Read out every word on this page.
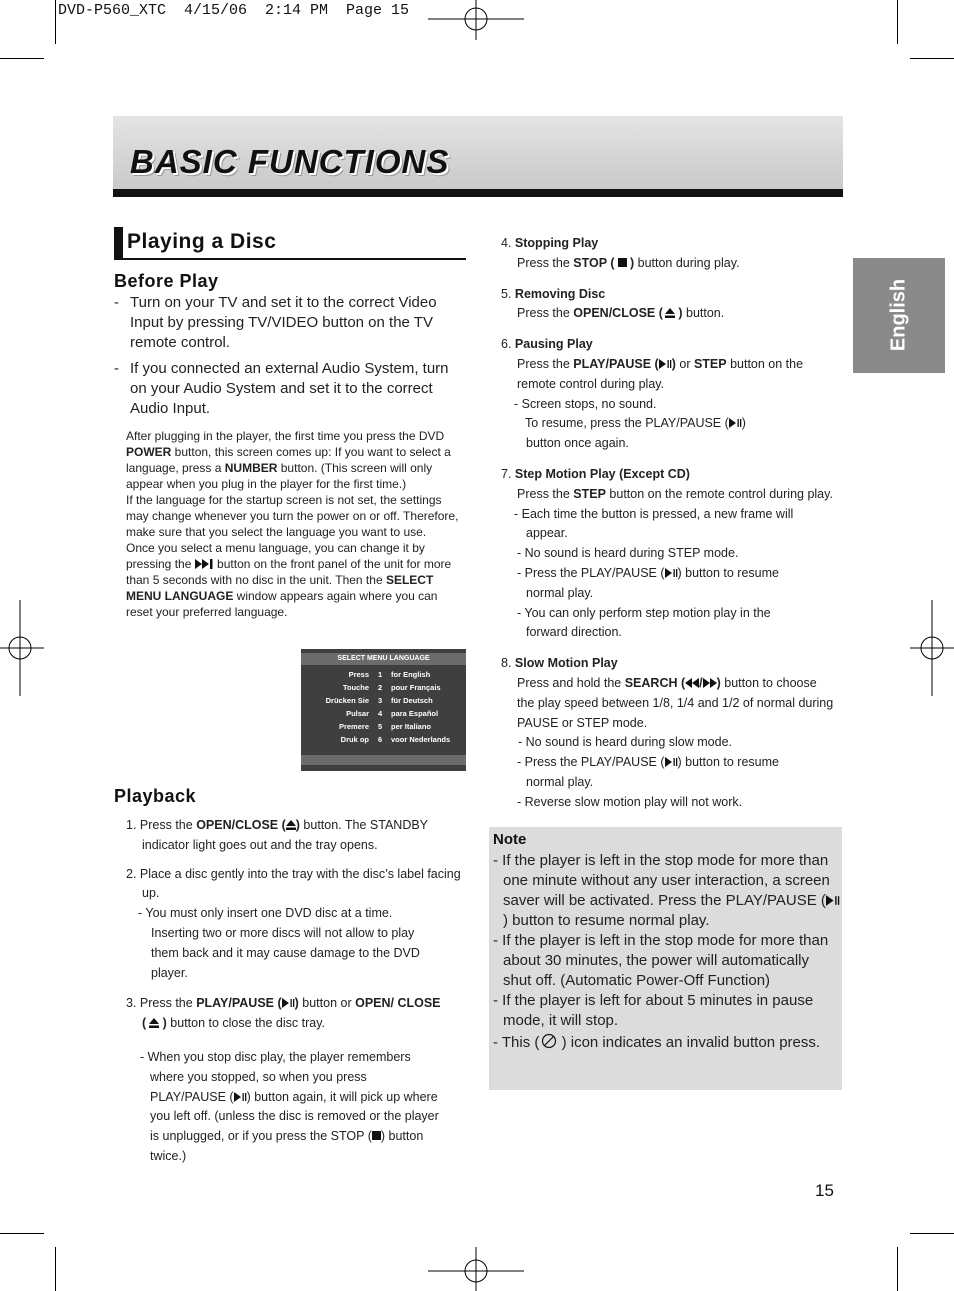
DVD-P560_XTC  4/15/06  2:14 PM  Page 15
BASIC FUNCTIONS
English
Playing a Disc
Before Play
- Turn on your TV and set it to the correct Video Input by pressing TV/VIDEO button on the TV remote control.

- If you connected an external Audio System, turn on your Audio System and set it to the correct Audio Input.

After plugging in the player, the first time you press the DVD POWER button, this screen comes up: If you want to select a language, press a NUMBER button. (This screen will only appear when you plug in the player for the first time.)

If the language for the startup screen is not set, the settings may change whenever you turn the power on or off. Therefore, make sure that you select the language you want to use.

Once you select a menu language, you can change it by pressing the  button on the front panel of the unit for more than 5 seconds with no disc in the unit. Then the SELECT MENU LANGUAGE window appears again where you can reset your preferred language.

SELECT MENU LANGUAGE
Press 1 for English
Touche 2 pour Français
Drücken Sie 3 für Deutsch
Pulsar 4 para Español
Premere 5 per Italiano
Druk op 6 voor Nederlands
Playback

1. Press the OPEN/CLOSE ( ) button. The STANDBY

indicator light goes out and the tray opens.

2. Place a disc gently into the tray with the disc’s label facing

up.

- You must only insert one DVD disc at a time.

Inserting two or more discs will not allow to play

them back and it may cause damage to the DVD

player.

3. Press the PLAY/PAUSE ( ) button or OPEN/ CLOSE

( ) button to close the disc tray.

- When you stop disc play, the player remembers

where you stopped, so when you press

PLAY/PAUSE ( ) button again, it will pick up where

you left off. (unless the disc is removed or the player

is unplugged, or if you press the STOP ( ) button

twice.)

4. Stopping Play

Press the STOP ( ) button during play.

5. Removing Disc

Press the OPEN/CLOSE ( ) button.

6. Pausing Play

Press the PLAY/PAUSE ( ) or STEP button on the

remote control during play.

- Screen stops, no sound.

To resume, press the PLAY/PAUSE ( )

button once again.

7. Step Motion Play (Except CD)

Press the STEP button on the remote control during play.

- Each time the button is pressed, a new frame will

appear.

- No sound is heard during STEP mode.

- Press the PLAY/PAUSE ( ) button to resume

normal play.

- You can only perform step motion play in the

forward direction.

8. Slow Motion Play

Press and hold the SEARCH ( / ) button to choose

the play speed between 1/8, 1/4 and 1/2 of normal during

PAUSE or STEP mode.

- No sound is heard during slow mode.

- Press the PLAY/PAUSE ( ) button to resume

normal play.

- Reverse slow motion play will not work.

Note

- If the player is left in the stop mode for more than one minute without any user interaction, a screen saver will be activated. Press the PLAY/PAUSE () button to resume normal play.

- If the player is left in the stop mode for more than about 30 minutes, the power will automatically shut off. (Automatic Power-Off Function)

- If the player is left for about 5 minutes in pause mode, it will stop.

- This ( ) icon indicates an invalid button press.

15
